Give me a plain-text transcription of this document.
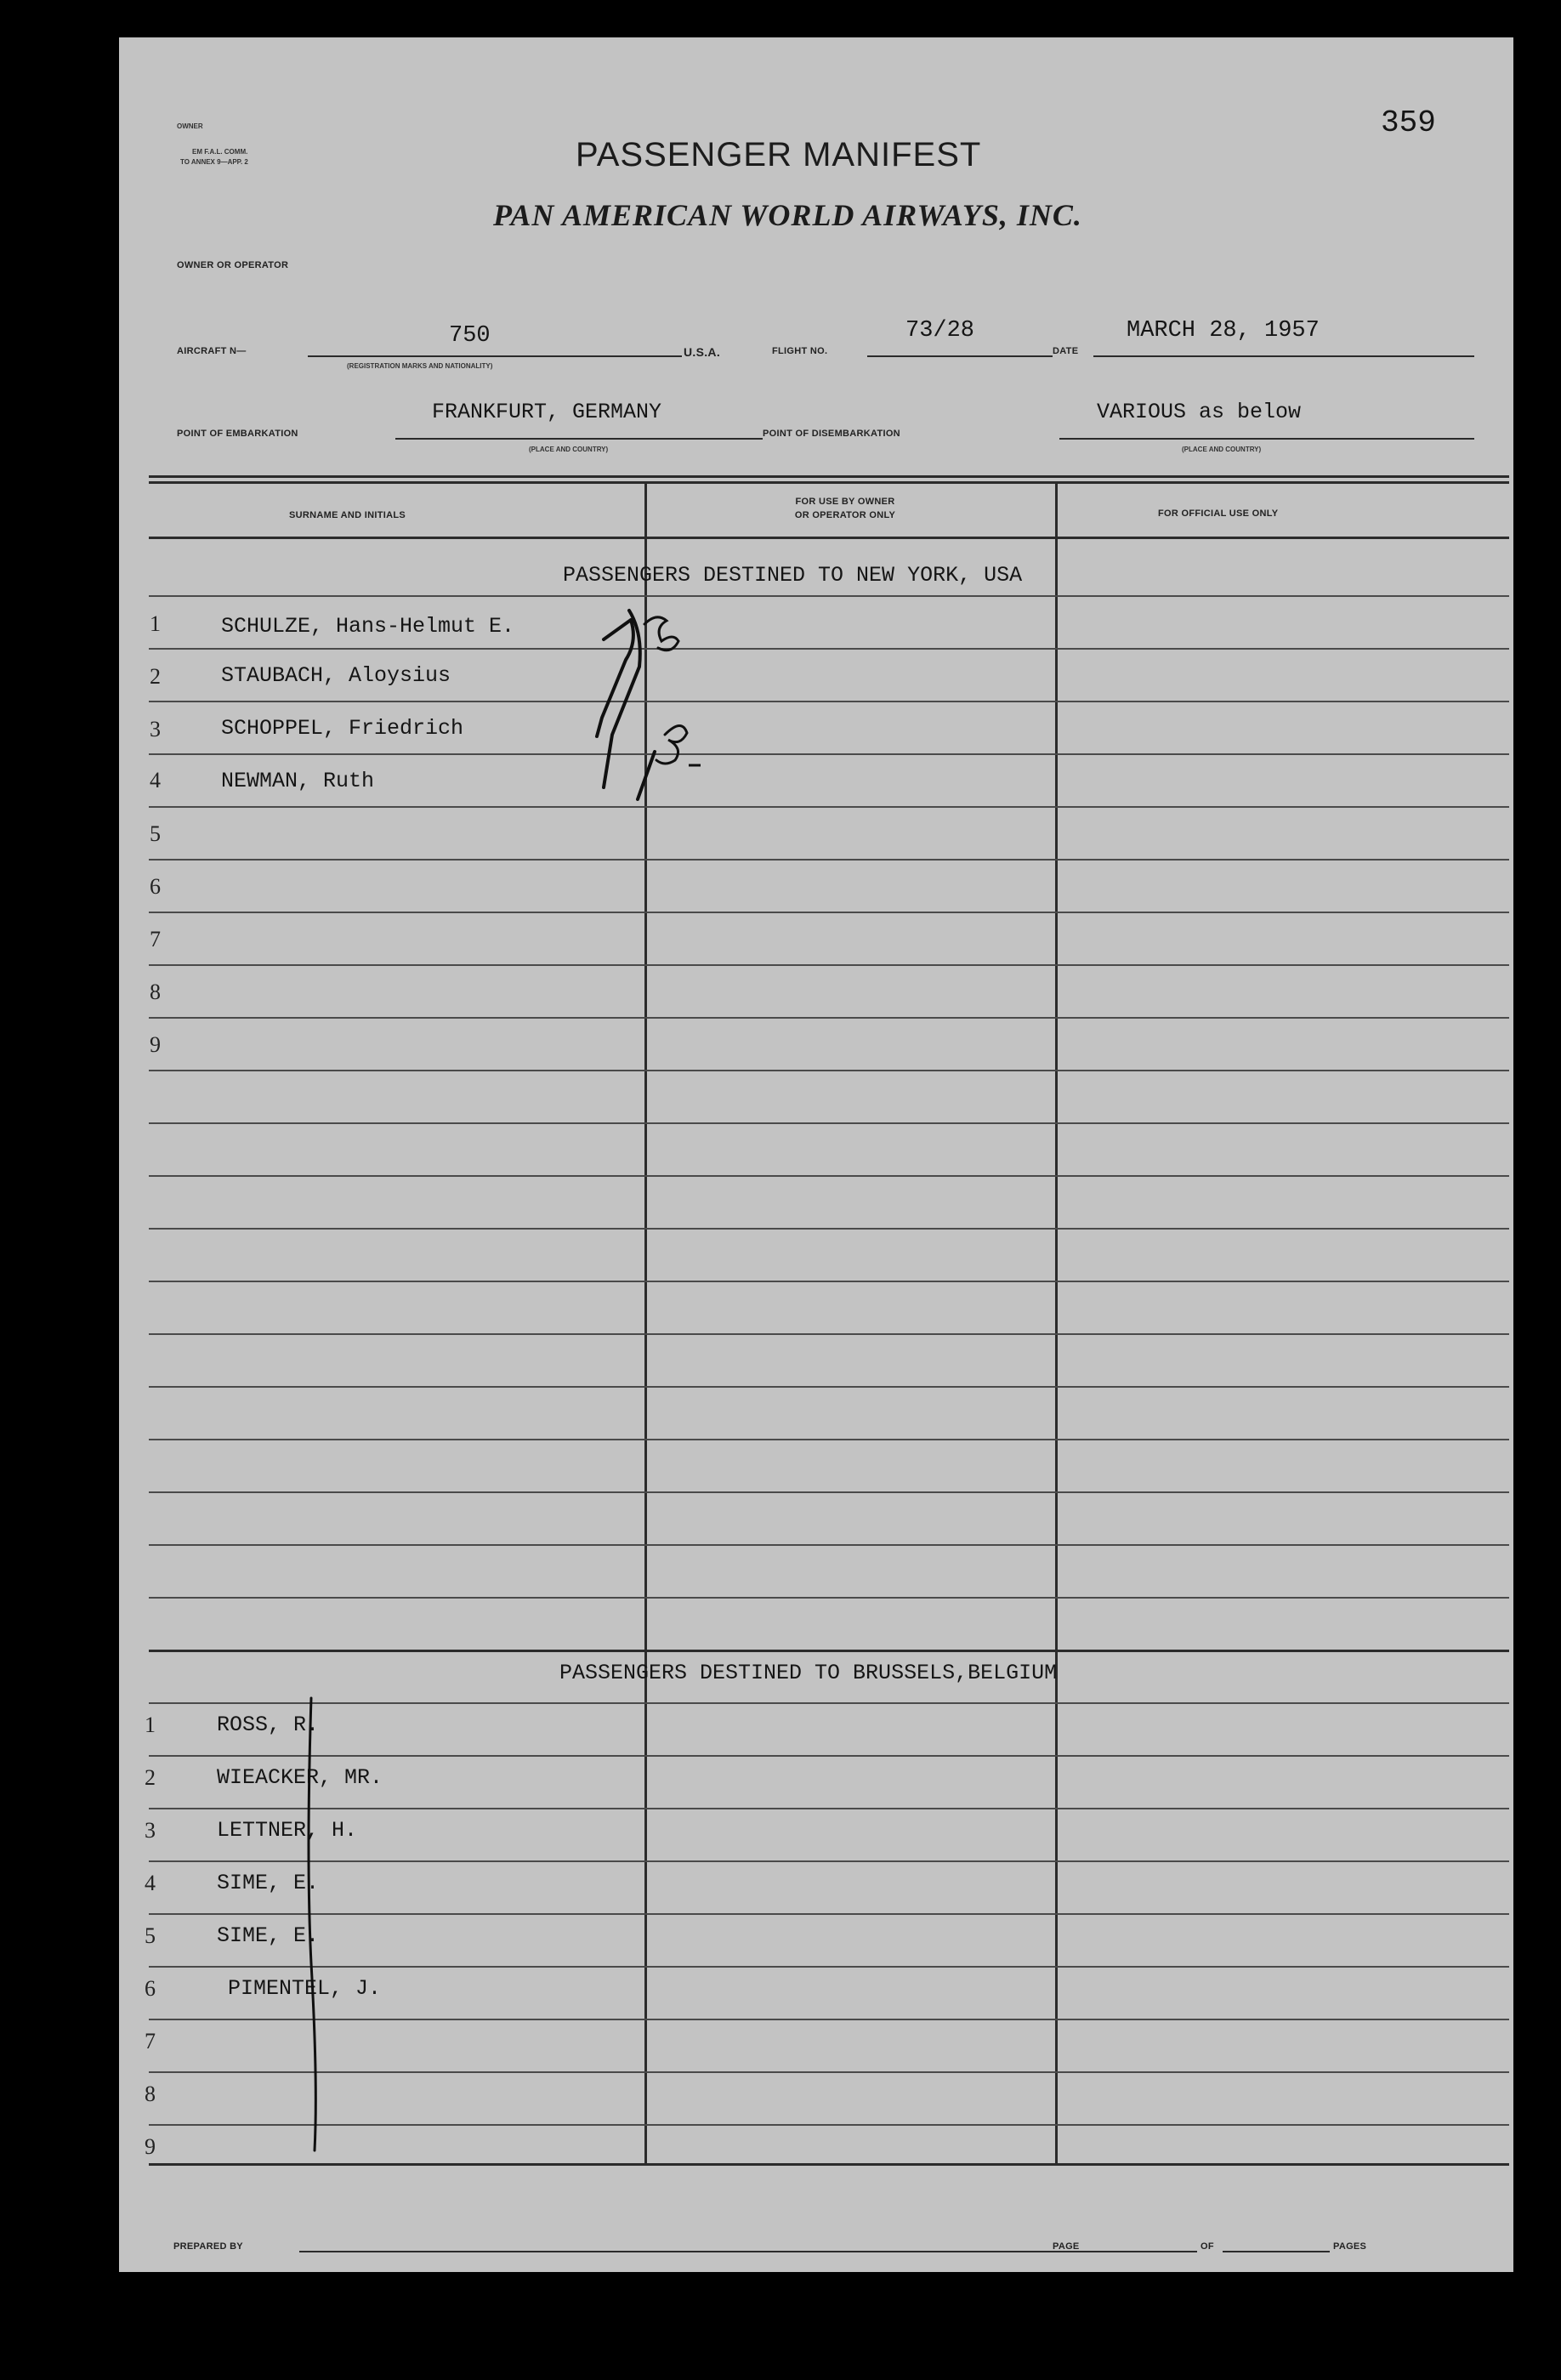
OWNER
EM F.A.L. COMM.
TO ANNEX 9—APP. 2
359
PASSENGER MANIFEST
PAN AMERICAN WORLD AIRWAYS, INC.
OWNER OR OPERATOR
AIRCRAFT N—
750
(REGISTRATION MARKS AND NATIONALITY)
U.S.A.	FLIGHT NO.
73/28
DATE
MARCH 28, 1957
POINT OF EMBARKATION
FRANKFURT, GERMANY
(PLACE AND COUNTRY)
POINT OF DISEMBARKATION
VARIOUS as below
(PLACE AND COUNTRY)
SURNAME AND INITIALS
FOR USE BY OWNER
OR OPERATOR ONLY	FOR OFFICIAL USE ONLY
PASSENGERS DESTINED TO NEW YORK, USA
1	SCHULZE, Hans-Helmut E.
2	STAUBACH, Aloysius
3	SCHOPPEL, Friedrich
4	NEWMAN, Ruth
5
6
7
8
9
PASSENGERS DESTINED TO BRUSSELS,BELGIUM
1	ROSS, R.
2	WIEACKER, MR.
3	LETTNER, H.
4	SIME, E.
5	SIME, E.
6	PIMENTEL, J.
7
8
9
PREPARED BY	PAGE	OF	PAGES
